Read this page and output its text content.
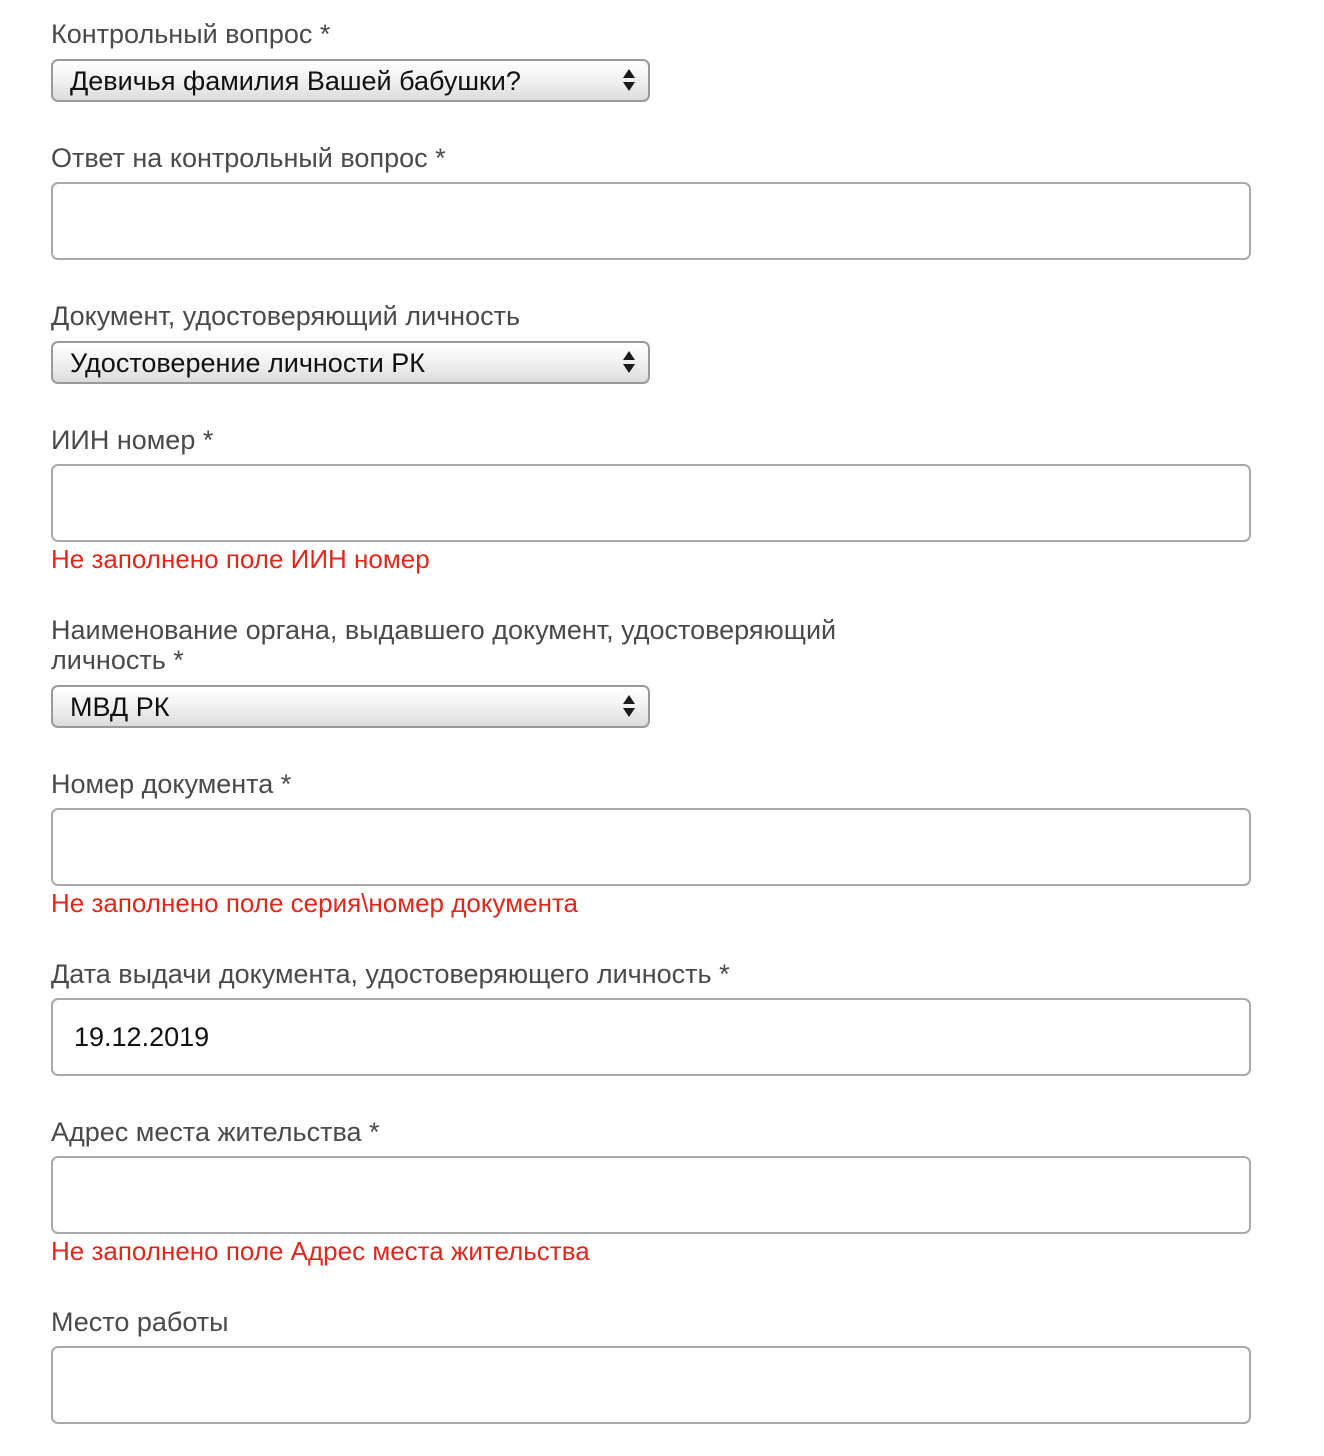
Контрольный вопрос *
Девичья фамилия Вашей бабушки?
Ответ на контрольный вопрос *
Документ, удостоверяющий личность
Удостоверение личности РК
ИИН номер *
Не заполнено поле ИИН номер
Наименование органа, выдавшего документ, удостоверяющий личность *
МВД РК
Номер документа *
Не заполнено поле серия\номер документа
Дата выдачи документа, удостоверяющего личность *
19.12.2019
Адрес места жительства *
Не заполнено поле Адрес места жительства
Место работы
